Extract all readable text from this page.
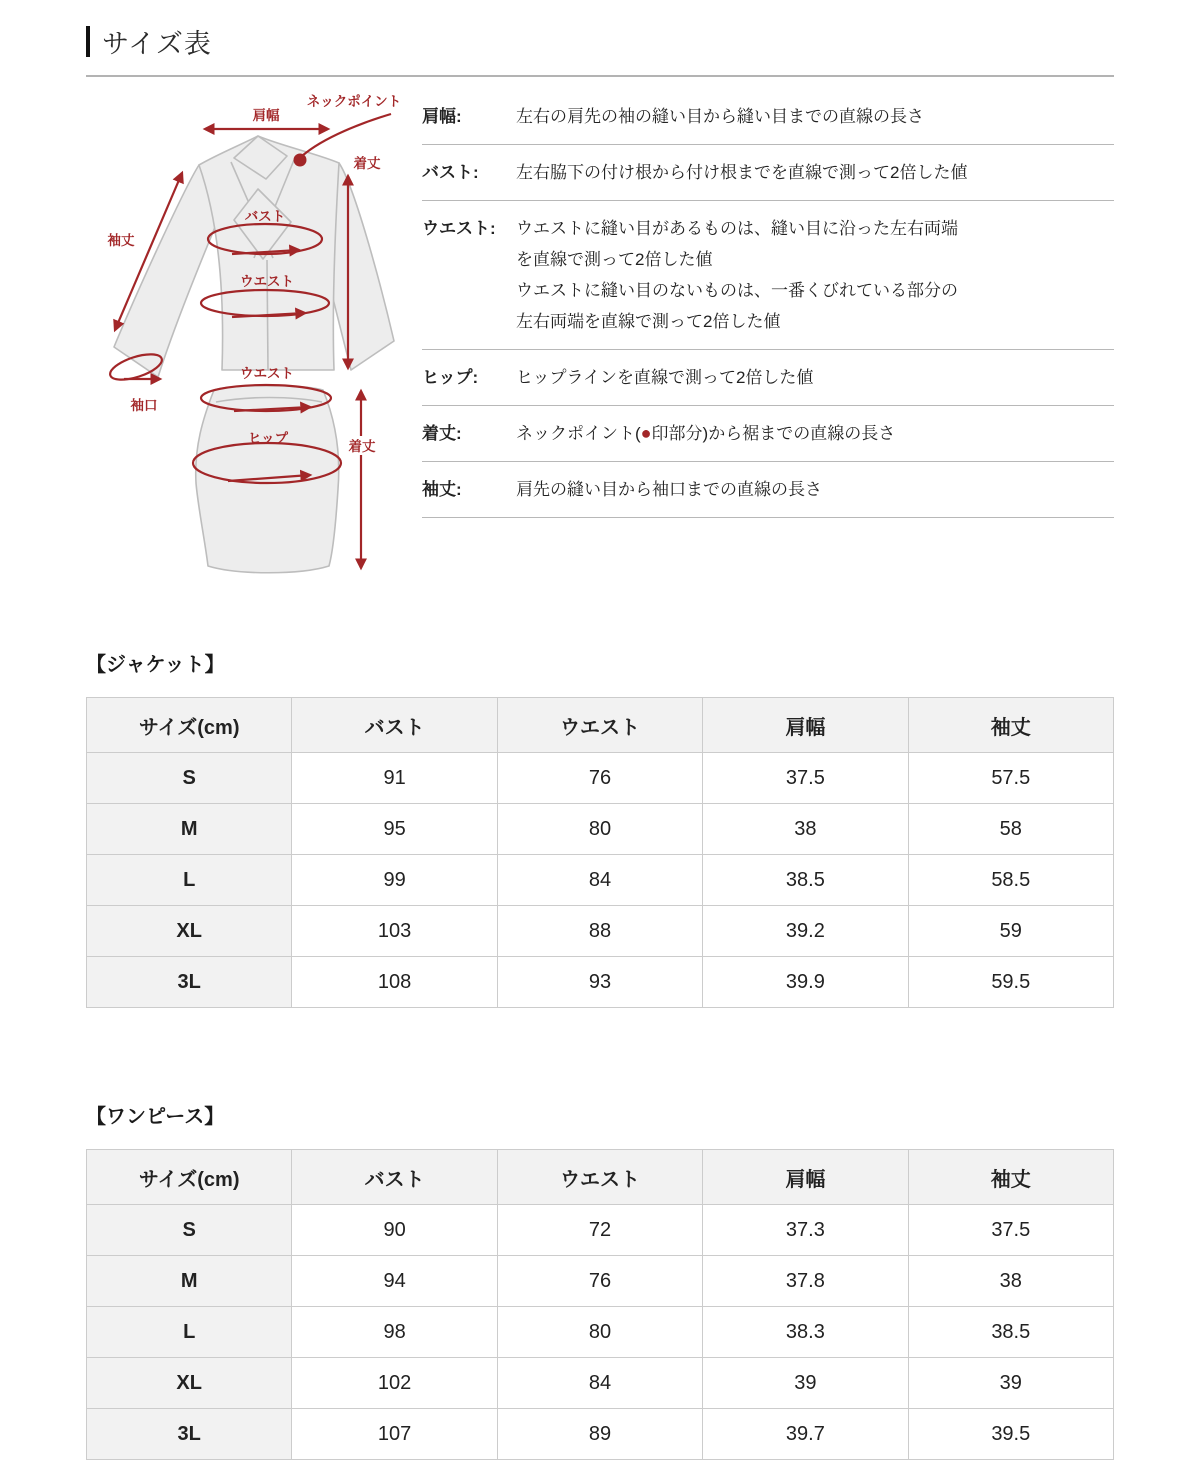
サイズ表
肩幅
ネックポイント
着丈
袖丈
バスト
ウエスト
袖口
ウエスト
ヒップ
着丈
肩幅:	左右の肩先の袖の縫い目から縫い目までの直線の長さ
バスト:	左右脇下の付け根から付け根までを直線で測って2倍した値
ウエスト:	ウエストに縫い目があるものは、縫い目に沿った左右両端
を直線で測って2倍した値
ウエストに縫い目のないものは、一番くびれている部分の
左右両端を直線で測って2倍した値
ヒップ:	ヒップラインを直線で測って2倍した値
着丈:	ネックポイント(●印部分)から裾までの直線の長さ
袖丈:	肩先の縫い目から袖口までの直線の長さ
【ジャケット】
サイズ(cm)	バスト	ウエスト	肩幅	袖丈
S	91	76	37.5	57.5
M	95	80	38	58
L	99	84	38.5	58.5
XL	103	88	39.2	59
3L	108	93	39.9	59.5
【ワンピース】
サイズ(cm)	バスト	ウエスト	肩幅	袖丈
S	90	72	37.3	37.5
M	94	76	37.8	38
L	98	80	38.3	38.5
XL	102	84	39	39
3L	107	89	39.7	39.5
